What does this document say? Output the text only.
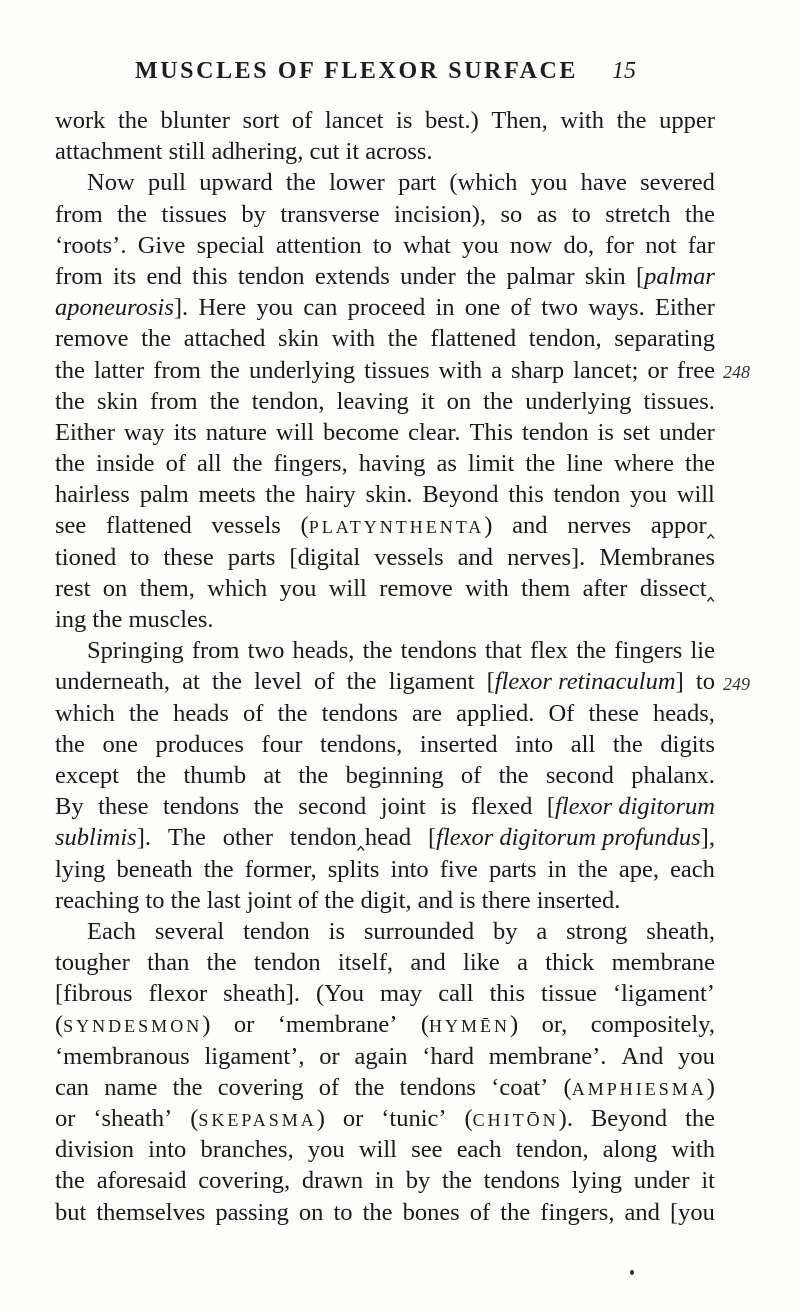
MUSCLES OF FLEXOR SURFACE 15
work the blunter sort of lancet is best.) Then, with the upper
attachment still adhering, cut it across.
Now pull upward the lower part (which you have severed
from the tissues by transverse incision), so as to stretch the
‘roots’. Give special attention to what you now do, for not far
from its end this tendon extends under the palmar skin [palmar
aponeurosis]. Here you can proceed in one of two ways. Either
remove the attached skin with the flattened tendon, separating
the latter from the underlying tissues with a sharp lancet; or free
the skin from the tendon, leaving it on the underlying tissues.
Either way its nature will become clear. This tendon is set under
the inside of all the fingers, having as limit the line where the
hairless palm meets the hairy skin. Beyond this tendon you will
see flattened vessels (PLATYNTHENTA) and nerves appor‸
tioned to these parts [digital vessels and nerves]. Membranes
rest on them, which you will remove with them after dissect‸
ing the muscles.
Springing from two heads, the tendons that flex the fingers lie
underneath, at the level of the ligament [flexor retinaculum] to
which the heads of the tendons are applied. Of these heads,
the one produces four tendons, inserted into all the digits
except the thumb at the beginning of the second phalanx.
By these tendons the second joint is flexed [flexor digitorum
sublimis]. The other tendon‸head [flexor digitorum profundus],
lying beneath the former, splits into five parts in the ape, each
reaching to the last joint of the digit, and is there inserted.
Each several tendon is surrounded by a strong sheath,
tougher than the tendon itself, and like a thick membrane
[fibrous flexor sheath]. (You may call this tissue ‘ligament’
(SYNDESMON) or ‘membrane’ (HYMĒN) or, compositely,
‘membranous ligament’, or again ‘hard membrane’. And you
can name the covering of the tendons ‘coat’ (AMPHIESMA)
or ‘sheath’ (SKEPASMA) or ‘tunic’ (CHITŌN). Beyond the
division into branches, you will see each tendon, along with
the aforesaid covering, drawn in by the tendons lying under it
but themselves passing on to the bones of the fingers, and [you
248
249
